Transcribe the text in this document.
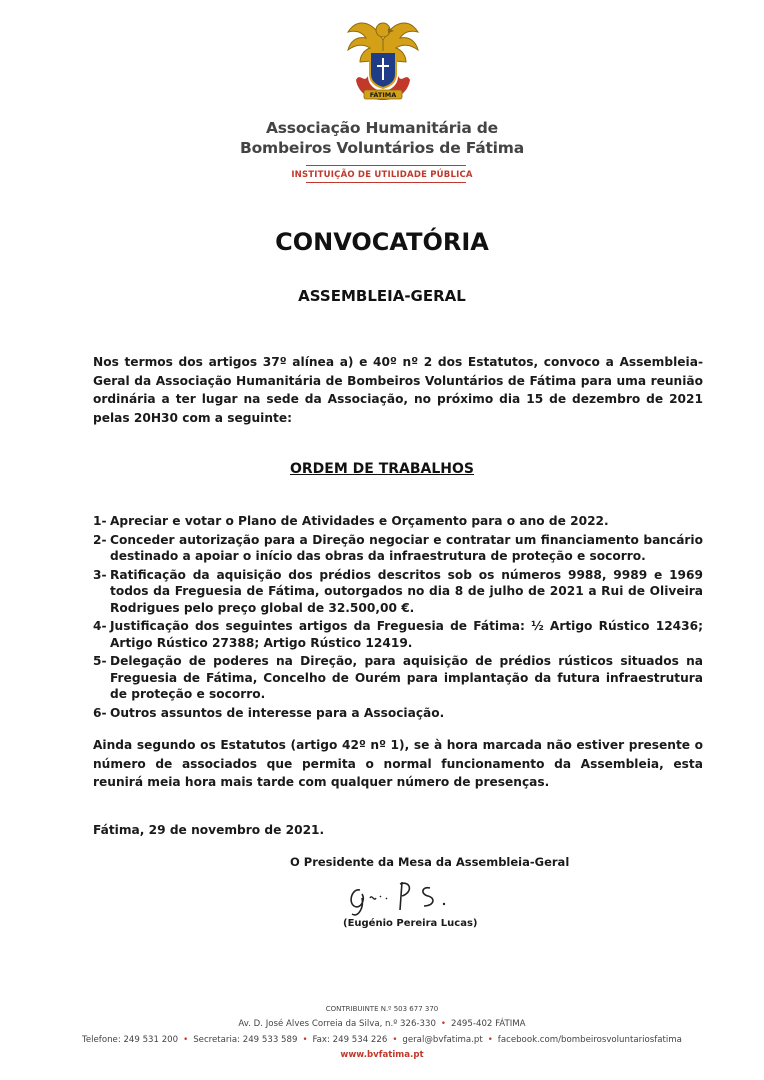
FÁTIMA
Associação Humanitária de
Bombeiros Voluntários de Fátima
INSTITUIÇÃO DE UTILIDADE PÚBLICA
CONVOCATÓRIA
ASSEMBLEIA-GERAL
Nos termos dos artigos 37º alínea a) e 40º nº 2 dos Estatutos, convoco a Assembleia-Geral da Associação Humanitária de Bombeiros Voluntários de Fátima para uma reunião ordinária a ter lugar na sede da Associação, no próximo dia 15 de dezembro de 2021 pelas 20H30 com a seguinte:
ORDEM DE TRABALHOS
1- Apreciar e votar o Plano de Atividades e Orçamento para o ano de 2022.
2- Conceder autorização para a Direção negociar e contratar um financiamento bancário destinado a apoiar o início das obras da infraestrutura de proteção e socorro.
3- Ratificação da aquisição dos prédios descritos sob os números 9988, 9989 e 1969 todos da Freguesia de Fátima, outorgados no dia 8 de julho de 2021 a Rui de Oliveira Rodrigues pelo preço global de 32.500,00 €.
4- Justificação dos seguintes artigos da Freguesia de Fátima: ½ Artigo Rústico 12436; Artigo Rústico 27388; Artigo Rústico 12419.
5- Delegação de poderes na Direção, para aquisição de prédios rústicos situados na Freguesia de Fátima, Concelho de Ourém para implantação da futura infraestrutura de proteção e socorro.
6- Outros assuntos de interesse para a Associação.
Ainda segundo os Estatutos (artigo 42º nº 1), se à hora marcada não estiver presente o número de associados que permita o normal funcionamento da Assembleia, esta reunirá meia hora mais tarde com qualquer número de presenças.
Fátima, 29 de novembro de 2021.
O Presidente da Mesa da Assembleia-Geral
(Eugénio Pereira Lucas)
CONTRIBUINTE N.º 503 677 370
Av. D. José Alves Correia da Silva, n.º 326-330 • 2495-402 FÁTIMA
Telefone: 249 531 200 • Secretaria: 249 533 589 • Fax: 249 534 226 • geral@bvfatima.pt • facebook.com/bombeirosvoluntariosfatima
www.bvfatima.pt
